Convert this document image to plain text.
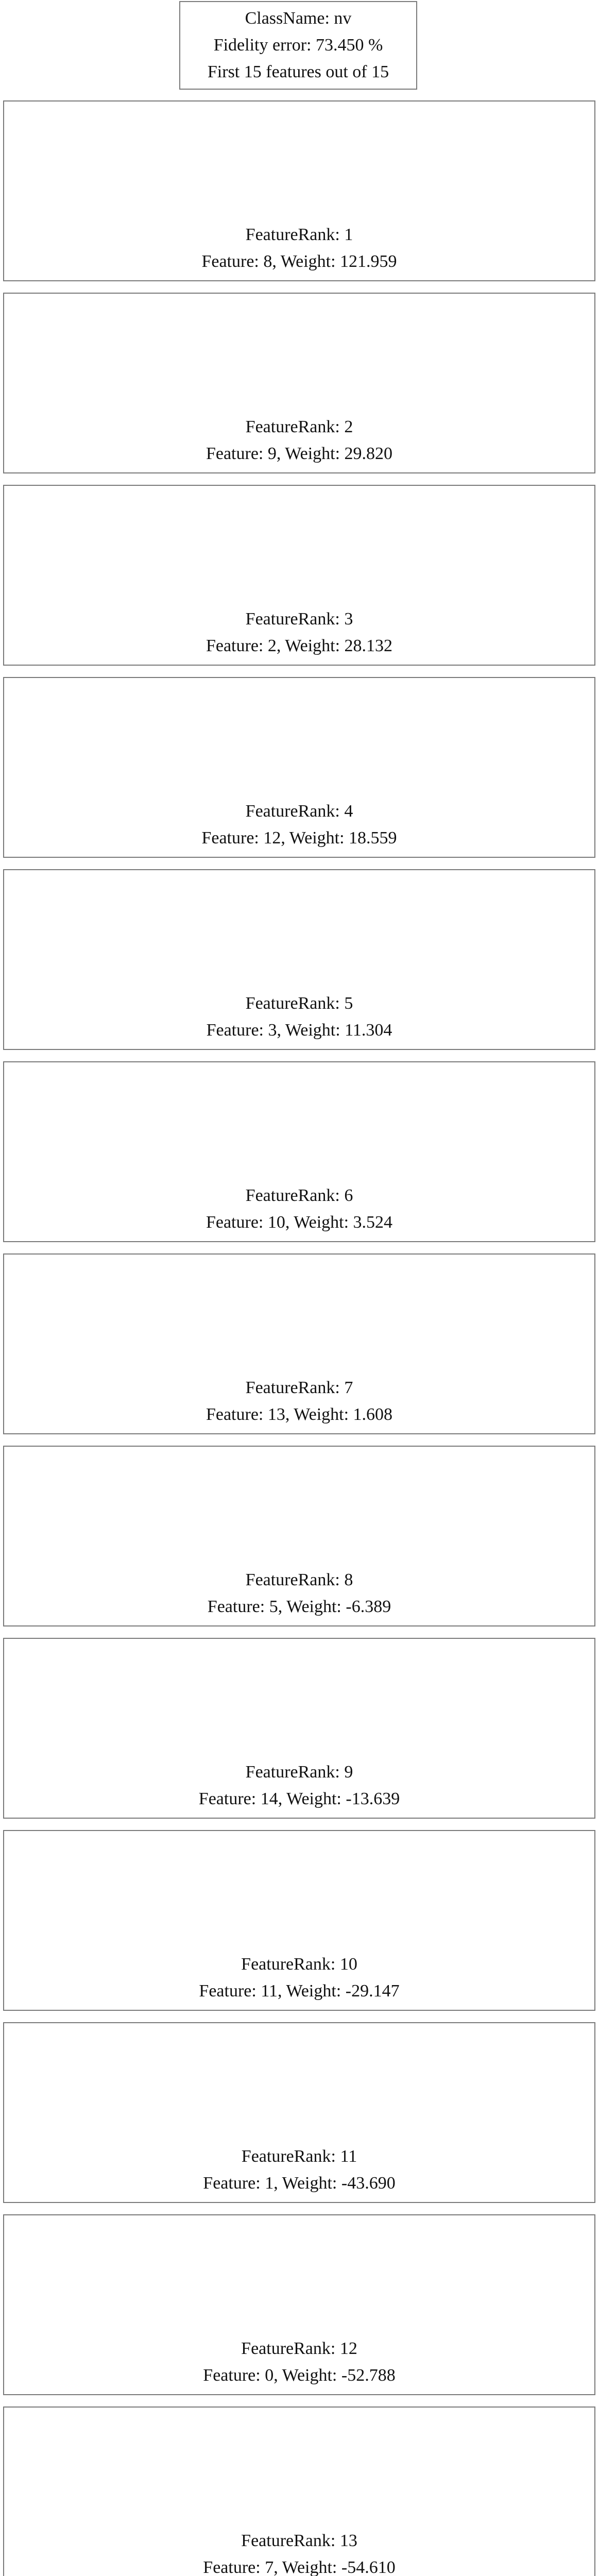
ClassName: nv
Fidelity error: 73.450 %
First 15 features out of 15
FeatureRank: 1
Feature: 8, Weight: 121.959
FeatureRank: 2
Feature: 9, Weight: 29.820
FeatureRank: 3
Feature: 2, Weight: 28.132
FeatureRank: 4
Feature: 12, Weight: 18.559
FeatureRank: 5
Feature: 3, Weight: 11.304
FeatureRank: 6
Feature: 10, Weight: 3.524
FeatureRank: 7
Feature: 13, Weight: 1.608
FeatureRank: 8
Feature: 5, Weight: -6.389
FeatureRank: 9
Feature: 14, Weight: -13.639
FeatureRank: 10
Feature: 11, Weight: -29.147
FeatureRank: 11
Feature: 1, Weight: -43.690
FeatureRank: 12
Feature: 0, Weight: -52.788
FeatureRank: 13
Feature: 7, Weight: -54.610
